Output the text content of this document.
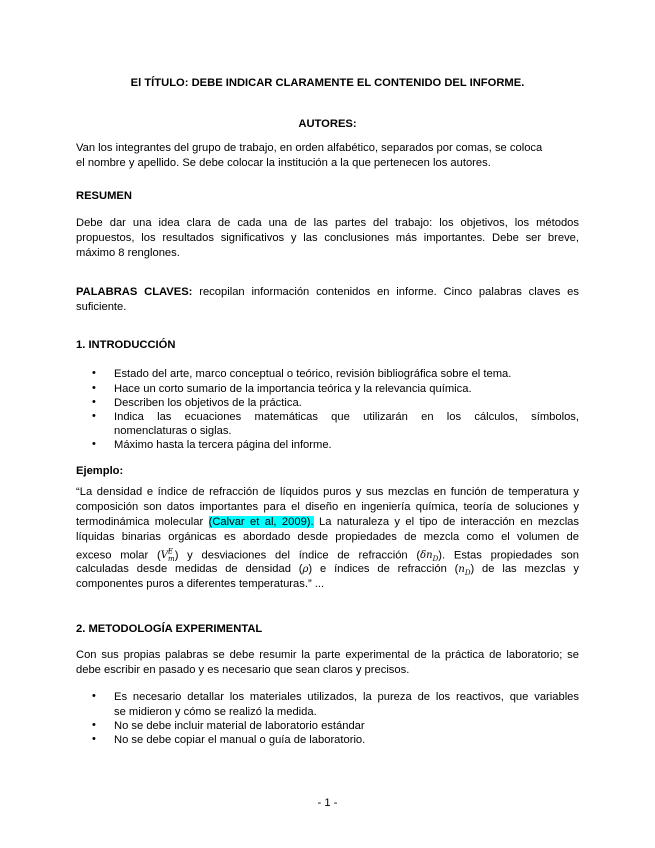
El TÍTULO: DEBE INDICAR CLARAMENTE EL CONTENIDO DEL INFORME.
AUTORES:
Van los integrantes del grupo de trabajo, en orden alfabético, separados por comas, se coloca
el nombre y apellido. Se debe colocar la institución a la que pertenecen los autores.
RESUMEN
Debe dar una idea clara de cada una de las partes del trabajo: los objetivos, los métodos
propuestos, los resultados significativos y las conclusiones más importantes. Debe ser breve,
máximo 8 renglones.
PALABRAS CLAVES: recopilan información contenidos en informe. Cinco palabras claves es
suficiente.
1. INTRODUCCIÓN
• Estado del arte, marco conceptual o teórico, revisión bibliográfica sobre el tema.
• Hace un corto sumario de la importancia teórica y la relevancia química.
• Describen los objetivos de la práctica.
• Indica las ecuaciones matemáticas que utilizarán en los cálculos, símbolos,
nomenclaturas o siglas.
• Máximo hasta la tercera página del informe.
Ejemplo:
“La densidad e índice de refracción de líquidos puros y sus mezclas en función de temperatura y
composición son datos importantes para el diseño en ingeniería química, teoría de soluciones y
termodinámica molecular (Calvar et al, 2009). La naturaleza y el tipo de interacción en mezclas
líquidas binarias orgánicas es abordado desde propiedades de mezcla como el volumen de
exceso molar $(V^E_m)$ y desviaciones del índice de refracción $(\delta n_D)$. Estas propiedades son
calculadas desde medidas de densidad (ρ) e índices de refracción $(n_D)$ de las mezclas y
componentes puros a diferentes temperaturas.” ...
2. METODOLOGÍA EXPERIMENTAL
Con sus propias palabras se debe resumir la parte experimental de la práctica de laboratorio; se
debe escribir en pasado y es necesario que sean claros y precisos.
• Es necesario detallar los materiales utilizados, la pureza de los reactivos, que variables
se midieron y cómo se realizó la medida.
• No se debe incluir material de laboratorio estándar
• No se debe copiar el manual o guía de laboratorio.
- 1 -
